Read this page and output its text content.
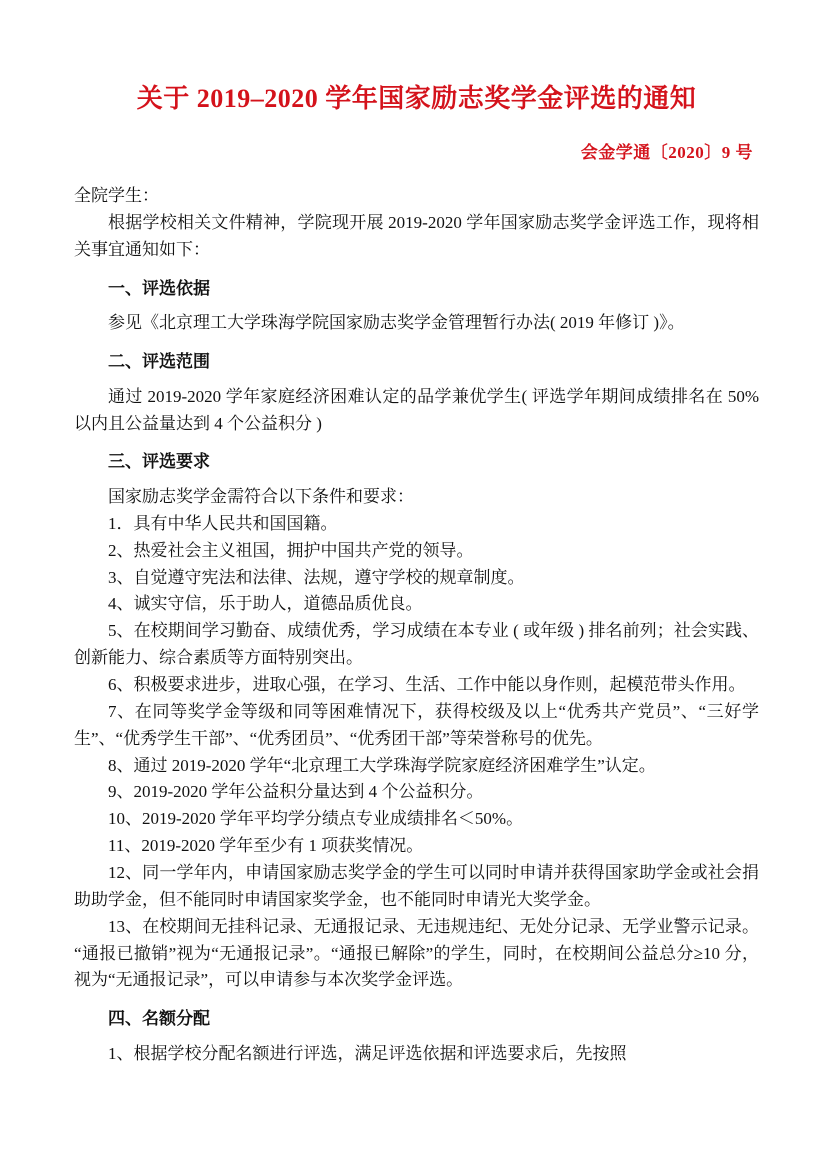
关于 2019–2020 学年国家励志奖学金评选的通知
会金学通〔2020〕9 号

全院学生：

根据学校相关文件精神，学院现开展 2019-2020 学年国家励志奖学金评选工作，现将相关事宜通知如下：

一、评选依据

参见《北京理工大学珠海学院国家励志奖学金管理暂行办法( 2019 年修订 )》。

二、评选范围

通过 2019-2020 学年家庭经济困难认定的品学兼优学生( 评选学年期间成绩排名在 50%以内且公益量达到 4 个公益积分 )

三、评选要求

国家励志奖学金需符合以下条件和要求：

1．具有中华人民共和国国籍。

2、热爱社会主义祖国，拥护中国共产党的领导。

3、自觉遵守宪法和法律、法规，遵守学校的规章制度。

4、诚实守信，乐于助人，道德品质优良。

5、在校期间学习勤奋、成绩优秀，学习成绩在本专业 ( 或年级 ) 排名前列；社会实践、创新能力、综合素质等方面特别突出。

6、积极要求进步，进取心强，在学习、生活、工作中能以身作则，起模范带头作用。

7、在同等奖学金等级和同等困难情况下，获得校级及以上“优秀共产党员”、“三好学生”、“优秀学生干部”、“优秀团员”、“优秀团干部”等荣誉称号的优先。

8、通过 2019-2020 学年“北京理工大学珠海学院家庭经济困难学生”认定。

9、2019-2020 学年公益积分量达到 4 个公益积分。

10、2019-2020 学年平均学分绩点专业成绩排名＜50%。

11、2019-2020 学年至少有 1 项获奖情况。

12、同一学年内，申请国家励志奖学金的学生可以同时申请并获得国家助学金或社会捐助助学金，但不能同时申请国家奖学金，也不能同时申请光大奖学金。

13、在校期间无挂科记录、无通报记录、无违规违纪、无处分记录、无学业警示记录。“通报已撤销”视为“无通报记录”。“通报已解除”的学生，同时，在校期间公益总分≥10 分，视为“无通报记录”，可以申请参与本次奖学金评选。

四、名额分配

1、根据学校分配名额进行评选，满足评选依据和评选要求后，先按照
